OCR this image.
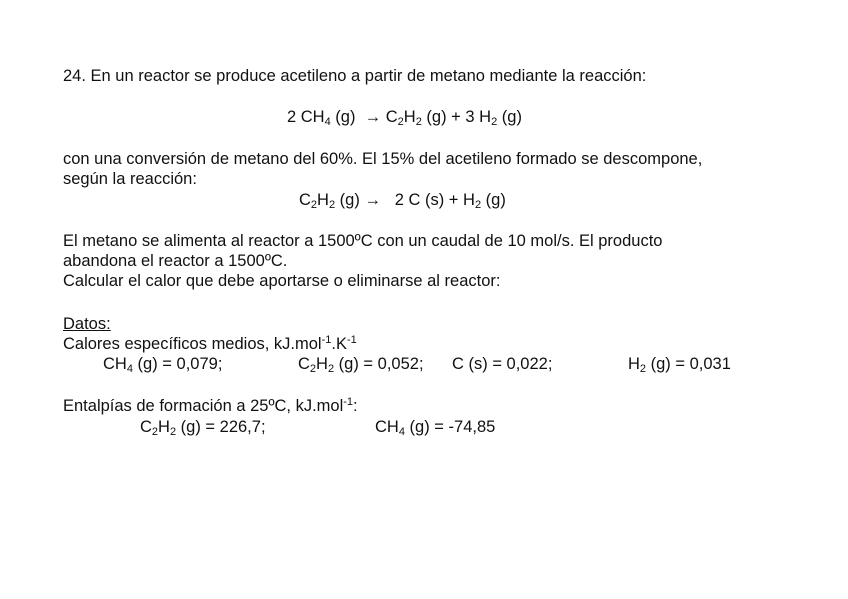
24. En un reactor se produce acetileno a partir de metano mediante la reacción:
2 $CH_4$ $(g) \to C_2H_2$ (g) + 3 $H_2$ (g)
con una conversión de metano del 60%. El 15% del acetileno formado se descompone,
según la reacción:
$C_2H_2$ (g) → 2 C $(s) + H_2$ (g)
El metano se alimenta al reactor a 1500ºC con un caudal de 10 mol/s. El producto
abandona el reactor a 1500ºC.
Calcular el calor que debe aportarse o eliminarse al reactor:
Datos:
Calores específicos medios, $kJ.mol^{-1}.K^{-1}$
$CH_4$ (g) = 0,079;	$C_2H_2$ (g) = 0,052; C (s) = 0,022;	$H_2$ (g) = 0,031
Entalpías de formación a 25ºC, kJ.mol$^{-1}$:
$C_2H_2$ (g) = 226,7;	$CH_4$ (g) = -74,85
